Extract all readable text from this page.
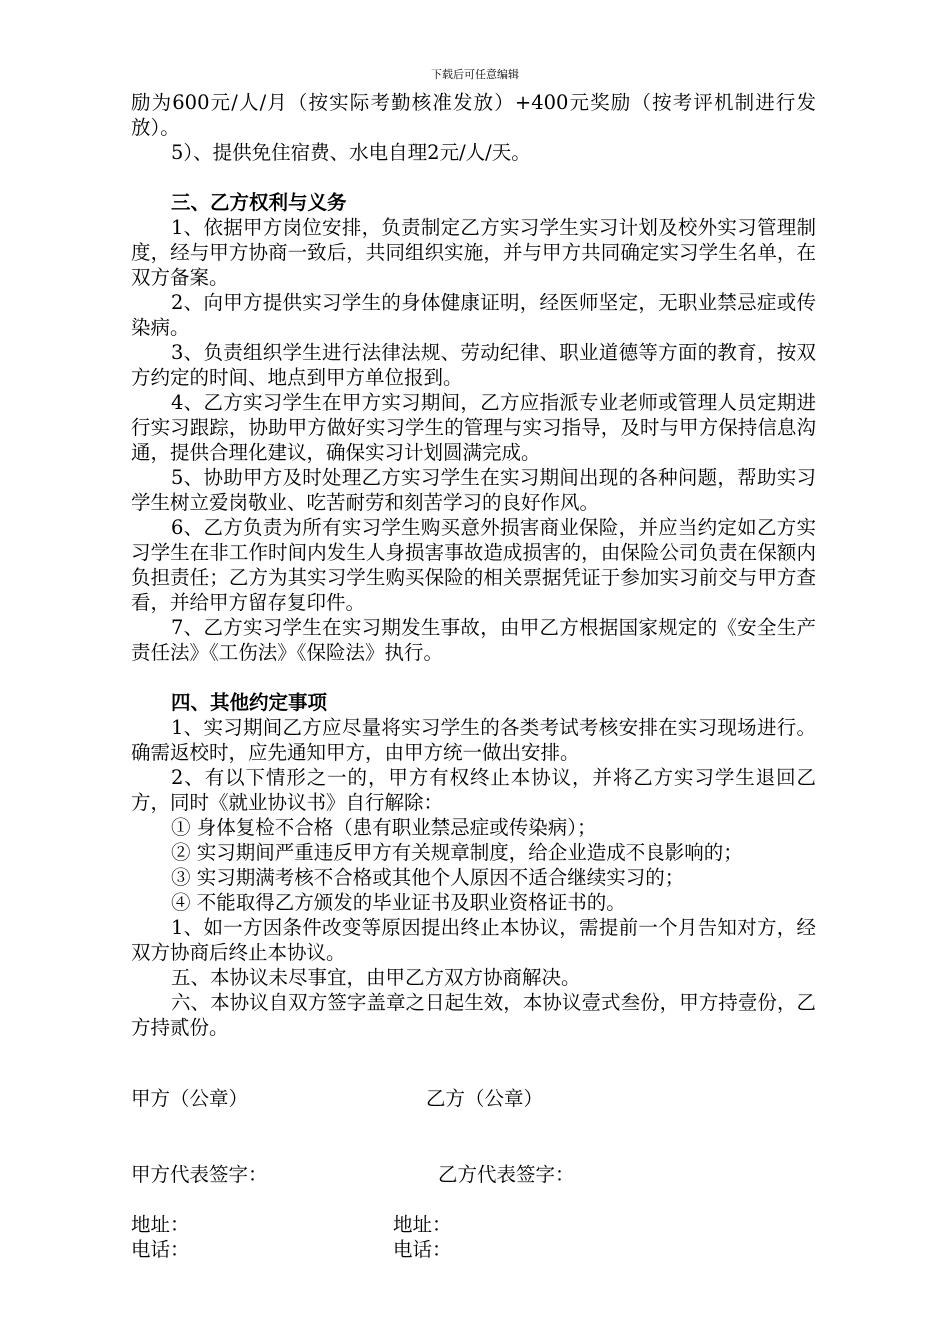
下载后可任意编辑

励为600元/人/月（按实际考勤核准发放）+400元奖励（按考评机制进行发放）。

5）、提供免住宿费、水电自理2元/人/天。

三、乙方权利与义务

1、依据甲方岗位安排，负责制定乙方实习学生实习计划及校外实习管理制度，经与甲方协商一致后，共同组织实施，并与甲方共同确定实习学生名单，在双方备案。

2、向甲方提供实习学生的身体健康证明，经医师坚定，无职业禁忌症或传染病。

3、负责组织学生进行法律法规、劳动纪律、职业道德等方面的教育，按双方约定的时间、地点到甲方单位报到。

4、乙方实习学生在甲方实习期间，乙方应指派专业老师或管理人员定期进行实习跟踪，协助甲方做好实习学生的管理与实习指导，及时与甲方保持信息沟通，提供合理化建议，确保实习计划圆满完成。

5、协助甲方及时处理乙方实习学生在实习期间出现的各种问题，帮助实习学生树立爱岗敬业、吃苦耐劳和刻苦学习的良好作风。

6、乙方负责为所有实习学生购买意外损害商业保险，并应当约定如乙方实习学生在非工作时间内发生人身损害事故造成损害的，由保险公司负责在保额内负担责任；乙方为其实习学生购买保险的相关票据凭证于参加实习前交与甲方查看，并给甲方留存复印件。

7、乙方实习学生在实习期发生事故，由甲乙方根据国家规定的《安全生产责任法》《工伤法》《保险法》执行。

四、其他约定事项

1、实习期间乙方应尽量将实习学生的各类考试考核安排在实习现场进行。确需返校时，应先通知甲方，由甲方统一做出安排。

2、有以下情形之一的，甲方有权终止本协议，并将乙方实习学生退回乙方，同时《就业协议书》自行解除：

① 身体复检不合格（患有职业禁忌症或传染病）；

② 实习期间严重违反甲方有关规章制度，给企业造成不良影响的；

③ 实习期满考核不合格或其他个人原因不适合继续实习的；

④ 不能取得乙方颁发的毕业证书及职业资格证书的。

1、如一方因条件改变等原因提出终止本协议，需提前一个月告知对方，经双方协商后终止本协议。

五、本协议未尽事宜，由甲乙方双方协商解决。

六、本协议自双方签字盖章之日起生效，本协议壹式叁份，甲方持壹份，乙方持贰份。

甲方（公章）	乙方（公章）
甲方代表签字：	乙方代表签字：
地址：	地址：
电话：	电话：
